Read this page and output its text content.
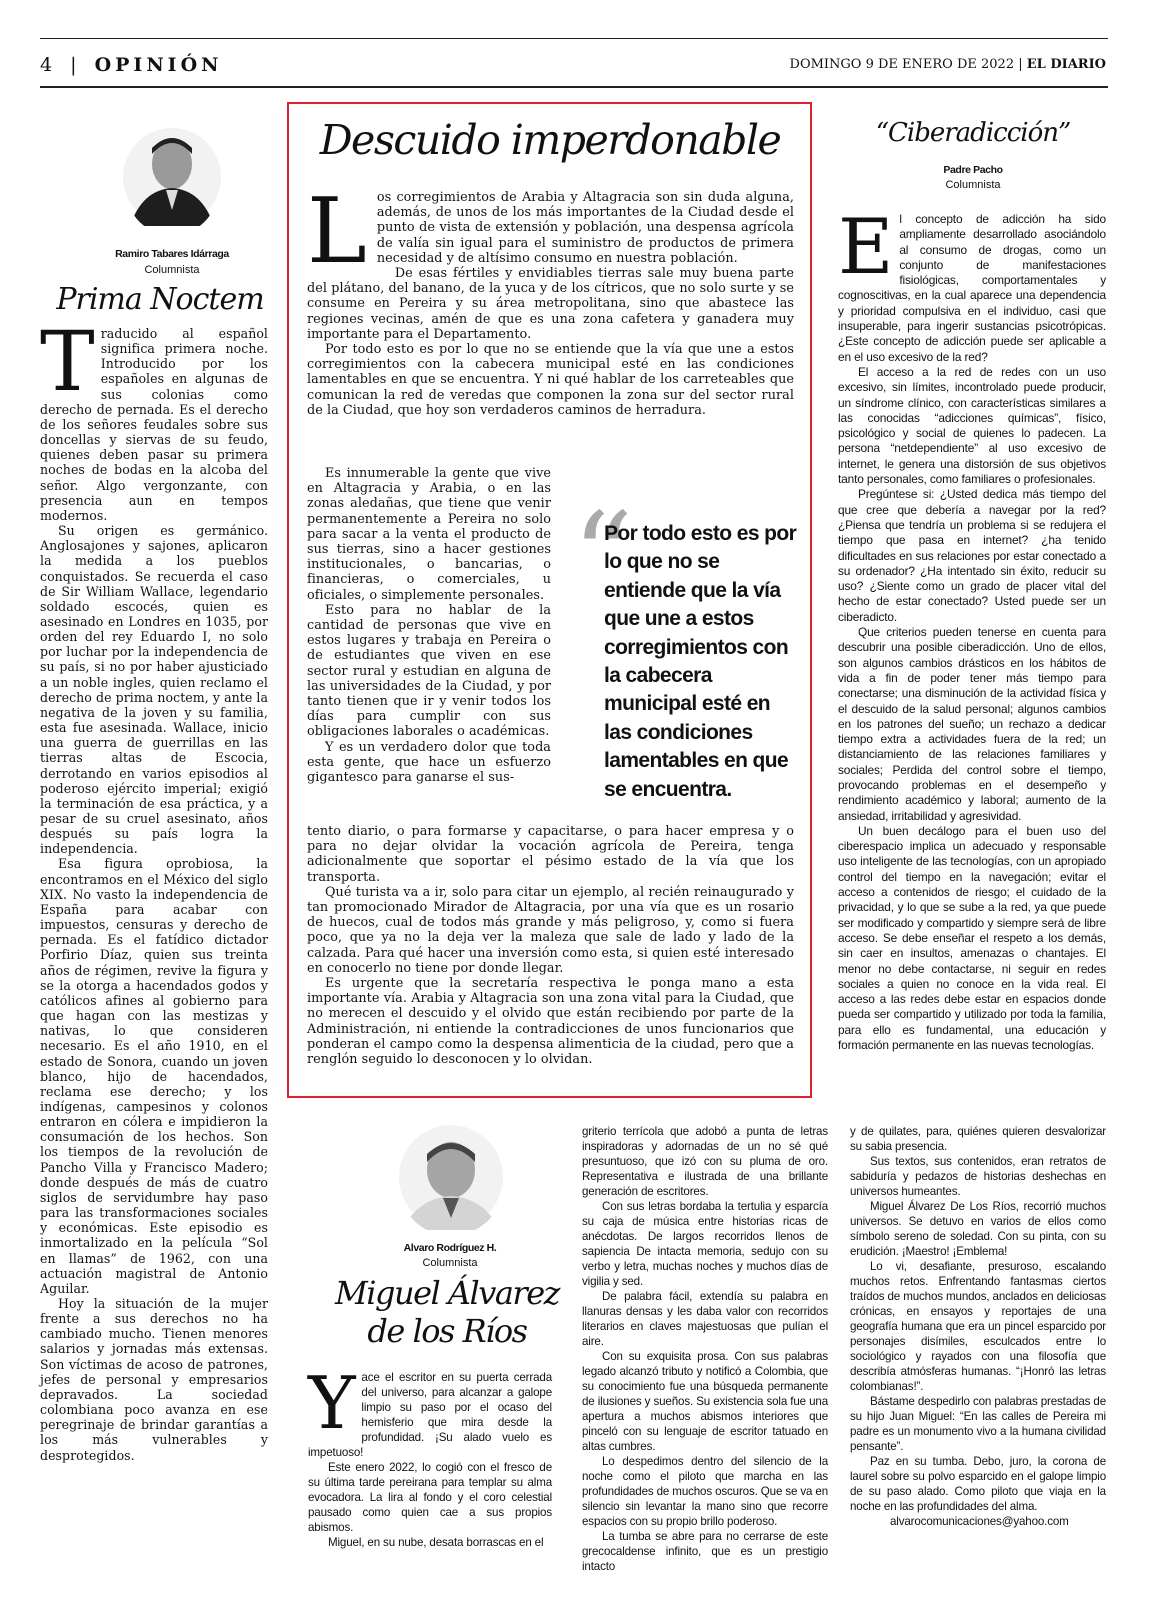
4 | OPINIÓN	DOMINGO 9 DE ENERO DE 2022 | EL DIARIO
Ramiro Tabares Idárraga
Columnista
Prima Noctem
T raducido al español significa primera noche. Introducido por los españoles en algunas de sus colonias como derecho de pernada. Es el derecho de los señores feudales sobre sus doncellas y siervas de su feudo, quienes deben pasar su primera noches de bodas en la alcoba del señor. Algo vergonzante, con presencia aun en tempos modernos.

Su origen es germánico. Anglosajones y sajones, aplicaron la medida a los pueblos conquistados. Se recuerda el caso de Sir William Wallace, legendario soldado escocés, quien es asesinado en Londres en 1035, por orden del rey Eduardo I, no solo por luchar por la independencia de su país, si no por haber ajusticiado a un noble ingles, quien reclamo el derecho de prima noctem, y ante la negativa de la joven y su familia, esta fue asesinada. Wallace, inicio una guerra de guerrillas en las tierras altas de Escocia, derrotando en varios episodios al poderoso ejército imperial; exigió la terminación de esa práctica, y a pesar de su cruel asesinato, años después su país logra la independencia.

Esa figura oprobiosa, la encontramos en el México del siglo XIX. No vasto la independencia de España para acabar con impuestos, censuras y derecho de pernada. Es el fatídico dictador Porfirio Díaz, quien sus treinta años de régimen, revive la figura y se la otorga a hacendados godos y católicos afines al gobierno para que hagan con las mestizas y nativas, lo que consideren necesario. Es el año 1910, en el estado de Sonora, cuando un joven blanco, hijo de hacendados, reclama ese derecho; y los indígenas, campesinos y colonos entraron en cólera e impidieron la consumación de los hechos. Son los tiempos de la revolución de Pancho Villa y Francisco Madero; donde después de más de cuatro siglos de servidumbre hay paso para las transformaciones sociales y económicas. Este episodio es inmortalizado en la película “Sol en llamas” de 1962, con una actuación magistral de Antonio Aguilar.

Hoy la situación de la mujer frente a sus derechos no ha cambiado mucho. Tienen menores salarios y jornadas más extensas. Son víctimas de acoso de patrones, jefes de personal y empresarios depravados. La sociedad colombiana poco avanza en ese peregrinaje de brindar garantías a los más vulnerables y desprotegidos.

Descuido imperdonable
L os corregimientos de Arabia y Altagracia son sin duda alguna, además, de unos de los más importantes de la Ciudad desde el punto de vista de extensión y población, una despensa agrícola de valía sin igual para el suministro de productos de primera necesidad y de altísimo consumo en nuestra población.

De esas fértiles y envidiables tierras sale muy buena parte del plátano, del banano, de la yuca y de los cítricos, que no solo surte y se consume en Pereira y su área metropolitana, sino que abastece las regiones vecinas, amén de que es una zona cafetera y ganadera muy importante para el Departamento.

Por todo esto es por lo que no se entiende que la vía que une a estos corregimientos con la cabecera municipal esté en las condiciones lamentables en que se encuentra. Y ni qué hablar de los carreteables que comunican la red de veredas que componen la zona sur del sector rural de la Ciudad, que hoy son verdaderos caminos de herradura.

Es innumerable la gente que vive en Altagracia y Arabia, o en las zonas aledañas, que tiene que venir permanentemente a Pereira no solo para sacar a la venta el producto de sus tierras, sino a hacer gestiones institucionales, o bancarias, o financieras, o comerciales, u oficiales, o simplemente personales.

Esto para no hablar de la cantidad de personas que vive en estos lugares y trabaja en Pereira o de estudiantes que viven en ese sector rural y estudian en alguna de las universidades de la Ciudad, y por tanto tienen que ir y venir todos los días para cumplir con sus obligaciones laborales o académicas.

Y es un verdadero dolor que toda esta gente, que hace un esfuerzo gigantesco para ganarse el sus-

“
Por todo esto es por lo que no se entiende que la vía que une a estos corregimientos con la cabecera municipal esté en las condiciones lamentables en que se encuentra.

tento diario, o para formarse y capacitarse, o para hacer empresa y o para no dejar olvidar la vocación agrícola de Pereira, tenga adicionalmente que soportar el pésimo estado de la vía que los transporta.

Qué turista va a ir, solo para citar un ejemplo, al recién reinaugurado y tan promocionado Mirador de Altagracia, por una vía que es un rosario de huecos, cual de todos más grande y más peligroso, y, como si fuera poco, que ya no la deja ver la maleza que sale de lado y lado de la calzada. Para qué hacer una inversión como esta, si quien esté interesado en conocerlo no tiene por donde llegar.

Es urgente que la secretaría respectiva le ponga mano a esta importante vía. Arabia y Altagracia son una zona vital para la Ciudad, que no merecen el descuido y el olvido que están recibiendo por parte de la Administración, ni entiende la contradicciones de unos funcionarios que ponderan el campo como la despensa alimenticia de la ciudad, pero que a renglón seguido lo desconocen y lo olvidan.

“Ciberadicción”
Padre Pacho
Columnista
E l concepto de adicción ha sido ampliamente desarrollado asociándolo al consumo de drogas, como un conjunto de manifestaciones fisiológicas, comportamentales y cognoscitivas, en la cual aparece una dependencia y prioridad compulsiva en el individuo, casi que insuperable, para ingerir sustancias psicotrópicas. ¿Este concepto de adicción puede ser aplicable a en el uso excesivo de la red?

El acceso a la red de redes con un uso excesivo, sin límites, incontrolado puede producir, un síndrome clínico, con características similares a las conocidas “adicciones químicas”, físico, psicológico y social de quienes lo padecen. La persona “netdependiente” al uso excesivo de internet, le genera una distorsión de sus objetivos tanto personales, como familiares o profesionales.

Pregúntese si: ¿Usted dedica más tiempo del que cree que debería a navegar por la red? ¿Piensa que tendría un problema si se redujera el tiempo que pasa en internet? ¿ha tenido dificultades en sus relaciones por estar conectado a su ordenador? ¿Ha intentado sin éxito, reducir su uso? ¿Siente como un grado de placer vital del hecho de estar conectado? Usted puede ser un ciberadicto.

Que criterios pueden tenerse en cuenta para descubrir una posible ciberadicción. Uno de ellos, son algunos cambios drásticos en los hábitos de vida a fin de poder tener más tiempo para conectarse; una disminución de la actividad física y el descuido de la salud personal; algunos cambios en los patrones del sueño; un rechazo a dedicar tiempo extra a actividades fuera de la red; un distanciamiento de las relaciones familiares y sociales; Perdida del control sobre el tiempo, provocando problemas en el desempeño y rendimiento académico y laboral; aumento de la ansiedad, irritabilidad y agresividad.

Un buen decálogo para el buen uso del ciberespacio implica un adecuado y responsable uso inteligente de las tecnologías, con un apropiado control del tiempo en la navegación; evitar el acceso a contenidos de riesgo; el cuidado de la privacidad, y lo que se sube a la red, ya que puede ser modificado y compartido y siempre será de libre acceso. Se debe enseñar el respeto a los demás, sin caer en insultos, amenazas o chantajes. El menor no debe contactarse, ni seguir en redes sociales a quien no conoce en la vida real. El acceso a las redes debe estar en espacios donde pueda ser compartido y utilizado por toda la familia, para ello es fundamental, una educación y formación permanente en las nuevas tecnologías.

Alvaro Rodríguez H.
Columnista
Miguel Álvarez
de los Ríos
Y ace el escritor en su puerta cerrada del universo, para alcanzar a galope limpio su paso por el ocaso del hemisferio que mira desde la profundidad. ¡Su alado vuelo es impetuoso!

Este enero 2022, lo cogió con el fresco de su última tarde pereirana para templar su alma evocadora. La lira al fondo y el coro celestial pausado como quien cae a sus propios abismos.

Miguel, en su nube, desata borrascas en el

griterio terrícola que adobó a punta de letras inspiradoras y adornadas de un no sé qué presuntuoso, que izó con su pluma de oro. Representativa e ilustrada de una brillante generación de escritores.

Con sus letras bordaba la tertulia y esparcía su caja de música entre historias ricas de anécdotas. De largos recorridos llenos de sapiencia De intacta memoria, sedujo con su verbo y letra, muchas noches y muchos días de vigilia y sed.

De palabra fácil, extendía su palabra en llanuras densas y les daba valor con recorridos literarios en claves majestuosas que pulían el aire.

Con su exquisita prosa. Con sus palabras legado alcanzó tributo y notificó a Colombia, que su conocimiento fue una búsqueda permanente de ilusiones y sueños. Su existencia sola fue una apertura a muchos abismos interiores que pinceló con su lenguaje de escritor tatuado en altas cumbres.

Lo despedimos dentro del silencio de la noche como el piloto que marcha en las profundidades de muchos oscuros. Que se va en silencio sin levantar la mano sino que recorre espacios con su propio brillo poderoso.

La tumba se abre para no cerrarse de este grecocaldense infinito, que es un prestigio intacto

y de quilates, para, quiénes quieren desvalorizar su sabia presencia.

Sus textos, sus contenidos, eran retratos de sabiduría y pedazos de historias deshechas en universos humeantes.

Miguel Álvarez De Los Ríos, recorrió muchos universos. Se detuvo en varios de ellos como símbolo sereno de soledad. Con su pinta, con su erudición. ¡Maestro! ¡Emblema!

Lo vi, desafiante, presuroso, escalando muchos retos. Enfrentando fantasmas ciertos traídos de muchos mundos, anclados en deliciosas crónicas, en ensayos y reportajes de una geografía humana que era un pincel esparcido por personajes disímiles, esculcados entre lo sociológico y rayados con una filosofía que describía atmósferas humanas. “¡Honró las letras colombianas!”.

Bástame despedirlo con palabras prestadas de su hijo Juan Miguel: “En las calles de Pereira mi padre es un monumento vivo a la humana civilidad pensante”.

Paz en su tumba. Debo, juro, la corona de laurel sobre su polvo esparcido en el galope limpio de su paso alado. Como piloto que viaja en la noche en las profundidades del alma.

alvarocomunicaciones@yahoo.com
